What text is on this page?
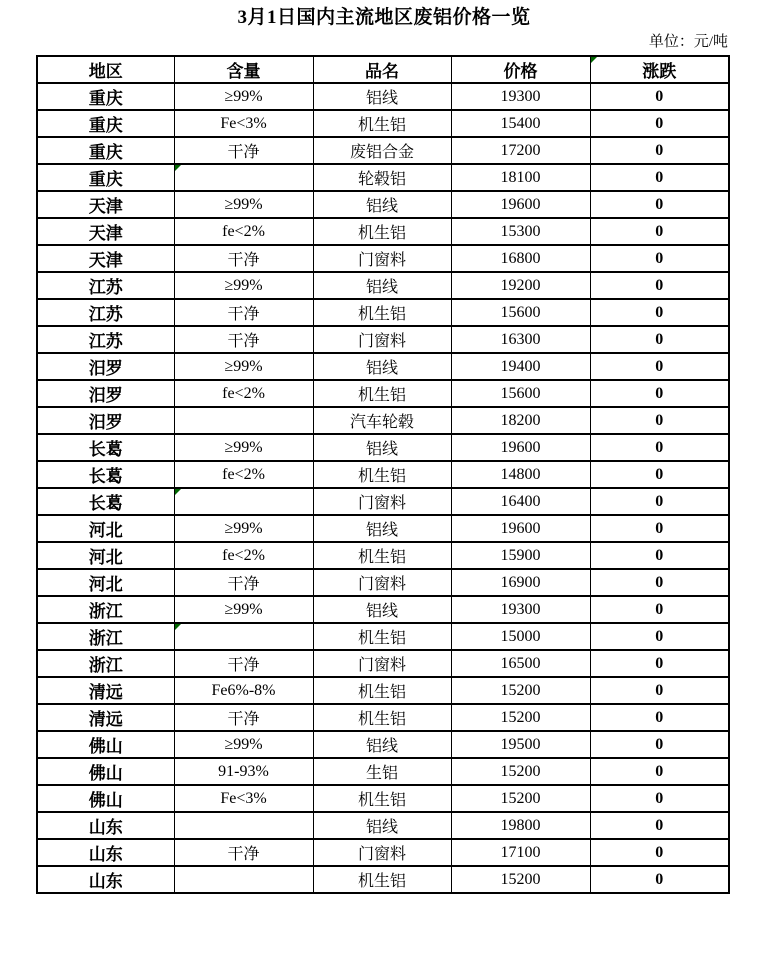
3月1日国内主流地区废铝价格一览
单位：元/吨
地区	含量	品名	价格	涨跌
重庆	≥99%	铝线	19300	0
重庆	Fe<3%	机生铝	15400	0
重庆	干净	废铝合金	17200	0
重庆		轮毂铝	18100	0
天津	≥99%	铝线	19600	0
天津	fe<2%	机生铝	15300	0
天津	干净	门窗料	16800	0
江苏	≥99%	铝线	19200	0
江苏	干净	机生铝	15600	0
江苏	干净	门窗料	16300	0
汨罗	≥99%	铝线	19400	0
汨罗	fe<2%	机生铝	15600	0
汨罗		汽车轮毂	18200	0
长葛	≥99%	铝线	19600	0
长葛	fe<2%	机生铝	14800	0
长葛		门窗料	16400	0
河北	≥99%	铝线	19600	0
河北	fe<2%	机生铝	15900	0
河北	干净	门窗料	16900	0
浙江	≥99%	铝线	19300	0
浙江		机生铝	15000	0
浙江	干净	门窗料	16500	0
清远	Fe6%-8%	机生铝	15200	0
清远	干净	机生铝	15200	0
佛山	≥99%	铝线	19500	0
佛山	91-93%	生铝	15200	0
佛山	Fe<3%	机生铝	15200	0
山东		铝线	19800	0
山东	干净	门窗料	17100	0
山东		机生铝	15200	0
